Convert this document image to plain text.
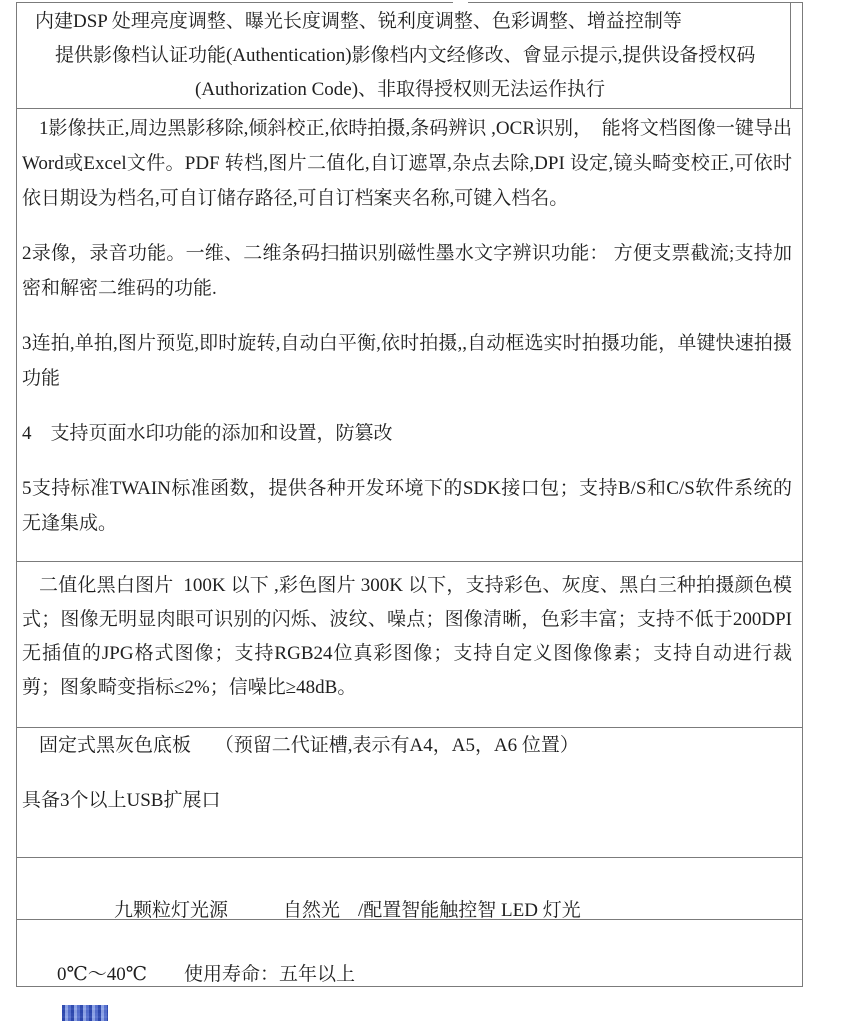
内建DSP 处理亮度调整、曝光长度调整、锐利度调整、色彩调整、增益控制等
提供影像档认证功能(Authentication)影像档内文经修改、會显示提示,提供设备授权码
(Authorization Code)、非取得授权则无法运作执行

1影像扶正,周边黑影移除,倾斜校正,依時拍摄,条码辨识 ,OCR识别，  能将文档图像一键导出Word或Excel文件。PDF 转档,图片二值化,自订遮罩,杂点去除,DPI 设定,镜头畸变校正,可依时依日期设为档名,可自订储存路径,可自订档案夹名称,可键入档名。

2录像，录音功能。一维、二维条码扫描识别磁性墨水文字辨识功能： 方便支票截流;支持加密和解密二维码的功能.

3连拍,单拍,图片预览,即时旋转,自动白平衡,依时拍摄,,自动框选实时拍摄功能，单键快速拍摄功能

4    支持页面水印功能的添加和设置，防篡改

5支持标准TWAIN标准函数，提供各种开发环境下的SDK接口包；支持B/S和C/S软件系统的无逢集成。

二值化黑白图片  100K 以下 ,彩色图片 300K 以下，支持彩色、灰度、黑白三种拍摄颜色模式；图像无明显肉眼可识别的闪烁、波纹、噪点；图像清晰，色彩丰富；支持不低于200DPI无插值的JPG格式图像；支持RGB24位真彩图像；支持自定义图像像素；支持自动进行裁剪；图象畸变指标≤2%；信噪比≥48dB。

固定式黑灰色底板　 （预留二代证槽,表示有A4，A5，A6 位置）
具备3个以上USB扩展口

九颗粒灯光源	自然光 /配置智能触控智 LED 灯光

0℃～40℃ 使用寿命：五年以上
